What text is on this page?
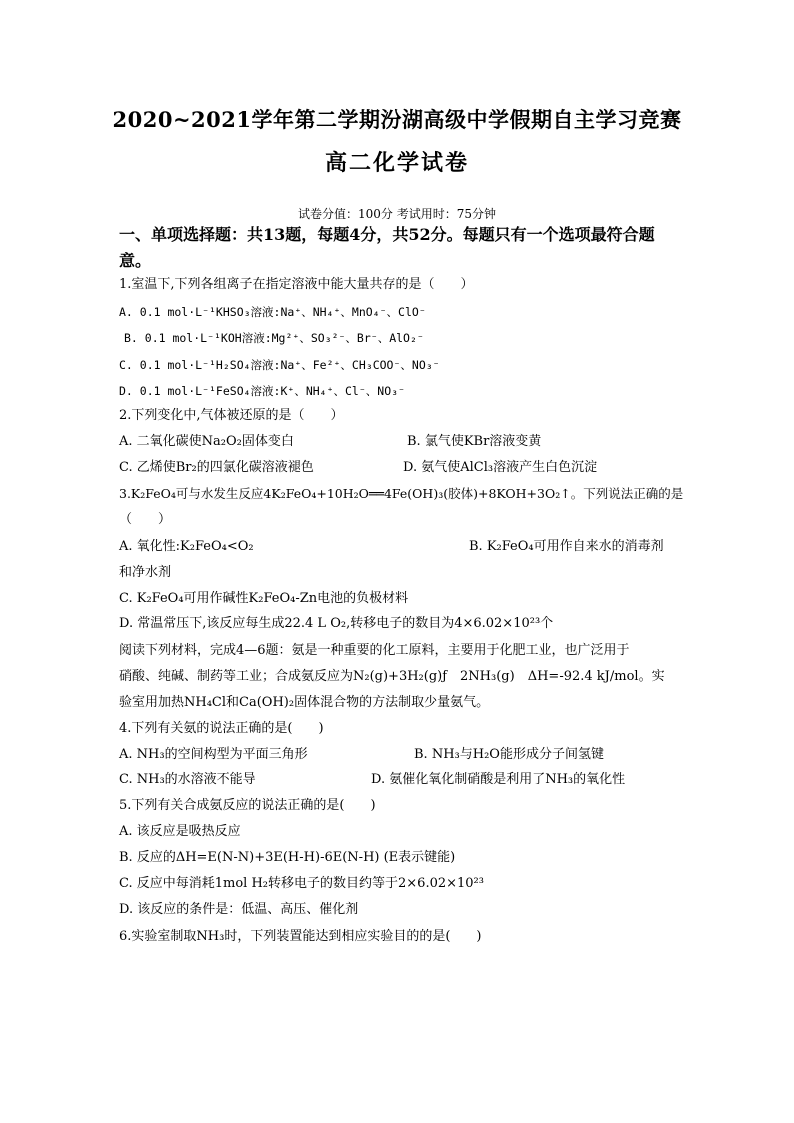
2020~2021学年第二学期汾湖高级中学假期自主学习竞赛
高二化学试卷
试卷分值：100分 考试用时：75分钟
一、单项选择题：共13题，每题4分，共52分。每题只有一个选项最符合题
意。
1.室温下,下列各组离子在指定溶液中能大量共存的是（　　）
A. 0.1 mol·L⁻¹KHSO₃溶液:Na⁺、NH₄⁺、MnO₄⁻、ClO⁻
B. 0.1 mol·L⁻¹KOH溶液:Mg²⁺、SO₃²⁻、Br⁻、AlO₂⁻
C. 0.1 mol·L⁻¹H₂SO₄溶液:Na⁺、Fe²⁺、CH₃COO⁻、NO₃⁻
D. 0.1 mol·L⁻¹FeSO₄溶液:K⁺、NH₄⁺、Cl⁻、NO₃⁻
2.下列变化中,气体被还原的是（　　）
A. 二氧化碳使Na₂O₂固体变白	B. 氯气使KBr溶液变黄
C. 乙烯使Br₂的四氯化碳溶液褪色	D. 氨气使AlCl₃溶液产生白色沉淀
3.K₂FeO₄可与水发生反应4K₂FeO₄+10H₂O══4Fe(OH)₃(胶体)+8KOH+3O₂↑。下列说法正确的是
（　　）
A. 氧化性:K₂FeO₄<O₂	B. K₂FeO₄可用作自来水的消毒剂
和净水剂
C. K₂FeO₄可用作碱性K₂FeO₄-Zn电池的负极材料
D. 常温常压下,该反应每生成22.4 L O₂,转移电子的数目为4×6.02×10²³个
阅读下列材料，完成4—6题：氨是一种重要的化工原料，主要用于化肥工业，也广泛用于
硝酸、纯碱、制药等工业；合成氨反应为N₂(g)+3H₂(g)ƒ　2NH₃(g)　ΔH=-92.4 kJ/mol。实
验室用加热NH₄Cl和Ca(OH)₂固体混合物的方法制取少量氨气。
4.下列有关氨的说法正确的是(　　)
A. NH₃的空间构型为平面三角形	B. NH₃与H₂O能形成分子间氢键
C. NH₃的水溶液不能导	D. 氨催化氧化制硝酸是利用了NH₃的氧化性
5.下列有关合成氨反应的说法正确的是(　　)
A. 该反应是吸热反应
B. 反应的ΔH=E(N-N)+3E(H-H)-6E(N-H) (E表示键能)
C. 反应中每消耗1mol H₂转移电子的数目约等于2×6.02×10²³
D. 该反应的条件是：低温、高压、催化剂
6.实验室制取NH₃时，下列装置能达到相应实验目的的是(　　)
